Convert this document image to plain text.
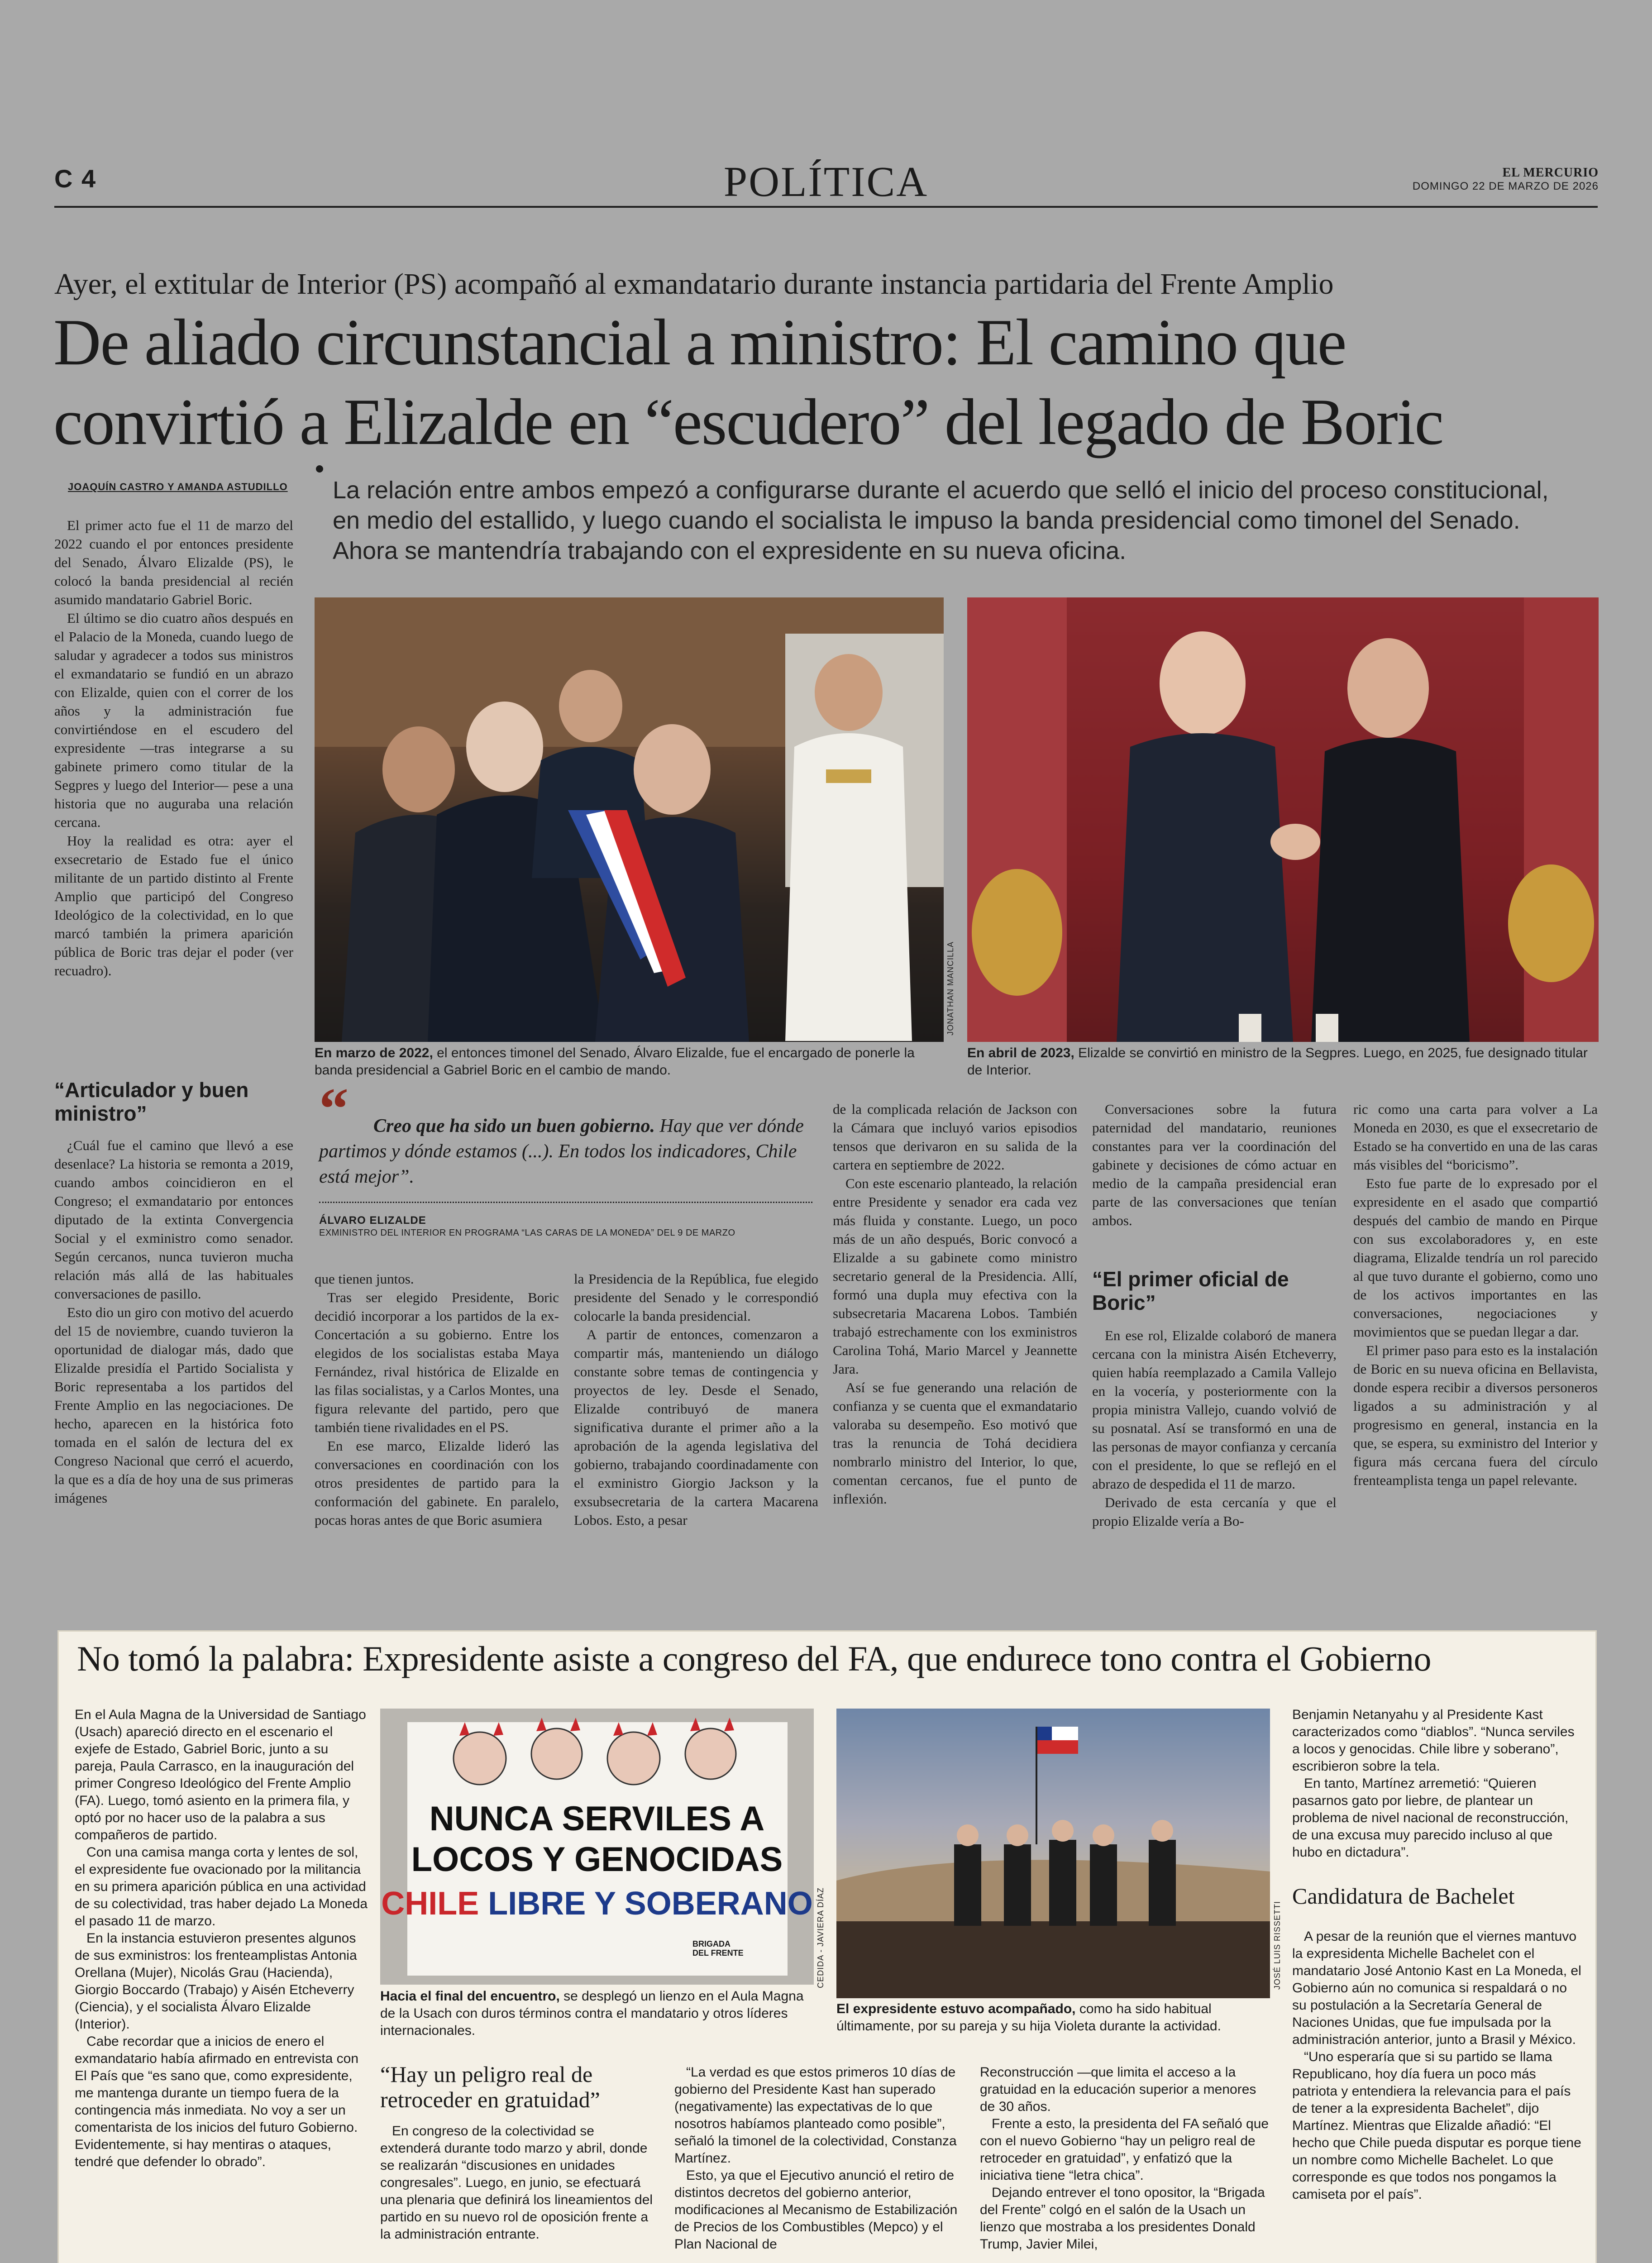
C 4	POLÍTICA	EL MERCURIO
DOMINGO 22 DE MARZO DE 2026
Ayer, el extitular de Interior (PS) acompañó al exmandatario durante instancia partidaria del Frente Amplio
De aliado circunstancial a ministro: El camino que
convirtió a Elizalde en “escudero” del legado de Boric
JOAQUÍN CASTRO Y AMANDA ASTUDILLO La relación entre ambos empezó a configurarse durante el acuerdo que selló el inicio del proceso constitucional, en medio del estallido, y luego cuando el socialista le impuso la banda presidencial como timonel del Senado. Ahora se mantendría trabajando con el expresidente en su nueva oficina.

El primer acto fue el 11 de marzo del 2022 cuando el por entonces presidente del Senado, Álvaro Elizalde (PS), le colocó la banda presidencial al recién asumido mandatario Gabriel Boric.

El último se dio cuatro años después en el Palacio de la Moneda, cuando luego de saludar y agradecer a todos sus ministros el exmandatario se fundió en un abrazo con Elizalde, quien con el correr de los años y la administración fue convirtiéndose en el escudero del expresidente —tras integrarse a su gabinete primero como titular de la Segpres y luego del Interior— pese a una historia que no auguraba una relación cercana.

Hoy la realidad es otra: ayer el exsecretario de Estado fue el único militante de un partido distinto al Frente Amplio que participó del Congreso Ideológico de la colectividad, en lo que marcó también la primera aparición pública de Boric tras dejar el poder (ver recuadro).

“Articulador y buen ministro”

¿Cuál fue el camino que llevó a ese desenlace? La historia se remonta a 2019, cuando ambos coincidieron en el Congreso; el exmandatario por entonces diputado de la extinta Convergencia Social y el exministro como senador. Según cercanos, nunca tuvieron mucha relación más allá de las habituales conversaciones de pasillo.

Esto dio un giro con motivo del acuerdo del 15 de noviembre, cuando tuvieron la oportunidad de dialogar más, dado que Elizalde presidía el Partido Socialista y Boric representaba a los partidos del Frente Amplio en las negociaciones. De hecho, aparecen en la histórica foto tomada en el salón de lectura del ex Congreso Nacional que cerró el acuerdo, la que es a día de hoy una de sus primeras imágenes

JONATHAN MANCILLA
En marzo de 2022, el entonces timonel del Senado, Álvaro Elizalde, fue el encargado de ponerle la banda presidencial a Gabriel Boric en el cambio de mando.
En abril de 2023, Elizalde se convirtió en ministro de la Segpres. Luego, en 2025, fue designado titular de Interior.
“	Creo que ha sido un buen gobierno. Hay que ver dónde partimos y dónde estamos (...). En todos los indicadores, Chile está mejor”.
ÁLVARO ELIZALDE
EXMINISTRO DEL INTERIOR EN PROGRAMA “LAS CARAS DE LA MONEDA” DEL 9 DE MARZO

que tienen juntos.

Tras ser elegido Presidente, Boric decidió incorporar a los partidos de la ex-Concertación a su gobierno. Entre los elegidos de los socialistas estaba Maya Fernández, rival histórica de Elizalde en las filas socialistas, y a Carlos Montes, una figura relevante del partido, pero que también tiene rivalidades en el PS.

En ese marco, Elizalde lideró las conversaciones en coordinación con los otros presidentes de partido para la conformación del gabinete. En paralelo, pocas horas antes de que Boric asumiera

la Presidencia de la República, fue elegido presidente del Senado y le correspondió colocarle la banda presidencial.

A partir de entonces, comenzaron a compartir más, manteniendo un diálogo constante sobre temas de contingencia y proyectos de ley. Desde el Senado, Elizalde contribuyó de manera significativa durante el primer año a la aprobación de la agenda legislativa del gobierno, trabajando coordinadamente con el exministro Giorgio Jackson y la exsubsecretaria de la cartera Macarena Lobos. Esto, a pesar

de la complicada relación de Jackson con la Cámara que incluyó varios episodios tensos que derivaron en su salida de la cartera en septiembre de 2022.

Con este escenario planteado, la relación entre Presidente y senador era cada vez más fluida y constante. Luego, un poco más de un año después, Boric convocó a Elizalde a su gabinete como ministro secretario general de la Presidencia. Allí, formó una dupla muy efectiva con la subsecretaria Macarena Lobos. También trabajó estrechamente con los exministros Carolina Tohá, Mario Marcel y Jeannette Jara.

Así se fue generando una relación de confianza y se cuenta que el exmandatario valoraba su desempeño. Eso motivó que tras la renuncia de Tohá decidiera nombrarlo ministro del Interior, lo que, comentan cercanos, fue el punto de inflexión.

Conversaciones sobre la futura paternidad del mandatario, reuniones constantes para ver la coordinación del gabinete y decisiones de cómo actuar en medio de la campaña presidencial eran parte de las conversaciones que tenían ambos.

“El primer oficial de Boric”

En ese rol, Elizalde colaboró de manera cercana con la ministra Aisén Etcheverry, quien había reemplazado a Camila Vallejo en la vocería, y posteriormente con la propia ministra Vallejo, cuando volvió de su posnatal. Así se transformó en una de las personas de mayor confianza y cercanía con el presidente, lo que se reflejó en el abrazo de despedida el 11 de marzo.

Derivado de esta cercanía y que el propio Elizalde vería a Bo-

ric como una carta para volver a La Moneda en 2030, es que el exsecretario de Estado se ha convertido en una de las caras más visibles del “boricismo”.

Esto fue parte de lo expresado por el expresidente en el asado que compartió después del cambio de mando en Pirque con sus excolaboradores y, en este diagrama, Elizalde tendría un rol parecido al que tuvo durante el gobierno, como uno de los activos importantes en las conversaciones, negociaciones y movimientos que se puedan llegar a dar.

El primer paso para esto es la instalación de Boric en su nueva oficina en Bellavista, donde espera recibir a diversos personeros ligados a su administración y al progresismo en general, instancia en la que, se espera, su exministro del Interior y figura más cercana fuera del círculo frenteamplista tenga un papel relevante.

No tomó la palabra: Expresidente asiste a congreso del FA, que endurece tono contra el Gobierno

En el Aula Magna de la Universidad de Santiago (Usach) apareció directo en el escenario el exjefe de Estado, Gabriel Boric, junto a su pareja, Paula Carrasco, en la inauguración del primer Congreso Ideológico del Frente Amplio (FA). Luego, tomó asiento en la primera fila, y optó por no hacer uso de la palabra a sus compañeros de partido.

Con una camisa manga corta y lentes de sol, el expresidente fue ovacionado por la militancia en su primera aparición pública en una actividad de su colectividad, tras haber dejado La Moneda el pasado 11 de marzo.

En la instancia estuvieron presentes algunos de sus exministros: los frenteamplistas Antonia Orellana (Mujer), Nicolás Grau (Hacienda), Giorgio Boccardo (Trabajo) y Aisén Etcheverry (Ciencia), y el socialista Álvaro Elizalde (Interior).

Cabe recordar que a inicios de enero el exmandatario había afirmado en entrevista con El País que “es sano que, como expresidente, me mantenga durante un tiempo fuera de la contingencia más inmediata. No voy a ser un comentarista de los inicios del futuro Gobierno. Evidentemente, si hay mentiras o ataques, tendré que defender lo obrado”.

NUNCA SERVILES A
LOCOS Y GENOCIDAS
CHILE LIBRE Y SOBERANO
BRIGADA DEL FRENTE	CEDIDA - JAVIERA DÍAZ	JOSÉ LUIS RISSETTI
Hacia el final del encuentro, se desplegó un lienzo en el Aula Magna de la Usach con duros términos contra el mandatario y otros líderes internacionales.
El expresidente estuvo acompañado, como ha sido habitual últimamente, por su pareja y su hija Violeta durante la actividad.
“Hay un peligro real de retroceder en gratuidad”

En congreso de la colectividad se extenderá durante todo marzo y abril, donde se realizarán “discusiones en unidades congresales”. Luego, en junio, se efectuará una plenaria que definirá los lineamientos del partido en su nuevo rol de oposición frente a la administración entrante.

“La verdad es que estos primeros 10 días de gobierno del Presidente Kast han superado (negativamente) las expectativas de lo que nosotros habíamos planteado como posible”, señaló la timonel de la colectividad, Constanza Martínez.

Esto, ya que el Ejecutivo anunció el retiro de distintos decretos del gobierno anterior, modificaciones al Mecanismo de Estabilización de Precios de los Combustibles (Mepco) y el Plan Nacional de

Reconstrucción —que limita el acceso a la gratuidad en la educación superior a menores de 30 años.

Frente a esto, la presidenta del FA señaló que con el nuevo Gobierno “hay un peligro real de retroceder en gratuidad”, y enfatizó que la iniciativa tiene “letra chica”.

Dejando entrever el tono opositor, la “Brigada del Frente” colgó en el salón de la Usach un lienzo que mostraba a los presidentes Donald Trump, Javier Milei,

Benjamin Netanyahu y al Presidente Kast caracterizados como “diablos”. “Nunca serviles a locos y genocidas. Chile libre y soberano”, escribieron sobre la tela.

En tanto, Martínez arremetió: “Quieren pasarnos gato por liebre, de plantear un problema de nivel nacional de reconstrucción, de una excusa muy parecido incluso al que hubo en dictadura”.

Candidatura de Bachelet

A pesar de la reunión que el viernes mantuvo la expresidenta Michelle Bachelet con el mandatario José Antonio Kast en La Moneda, el Gobierno aún no comunica si respaldará o no su postulación a la Secretaría General de Naciones Unidas, que fue impulsada por la administración anterior, junto a Brasil y México.

“Uno esperaría que si su partido se llama Republicano, hoy día fuera un poco más patriota y entendiera la relevancia para el país de tener a la expresidenta Bachelet”, dijo Martínez. Mientras que Elizalde añadió: “El hecho que Chile pueda disputar es porque tiene un nombre como Michelle Bachelet. Lo que corresponde es que todos nos pongamos la camiseta por el país”.
